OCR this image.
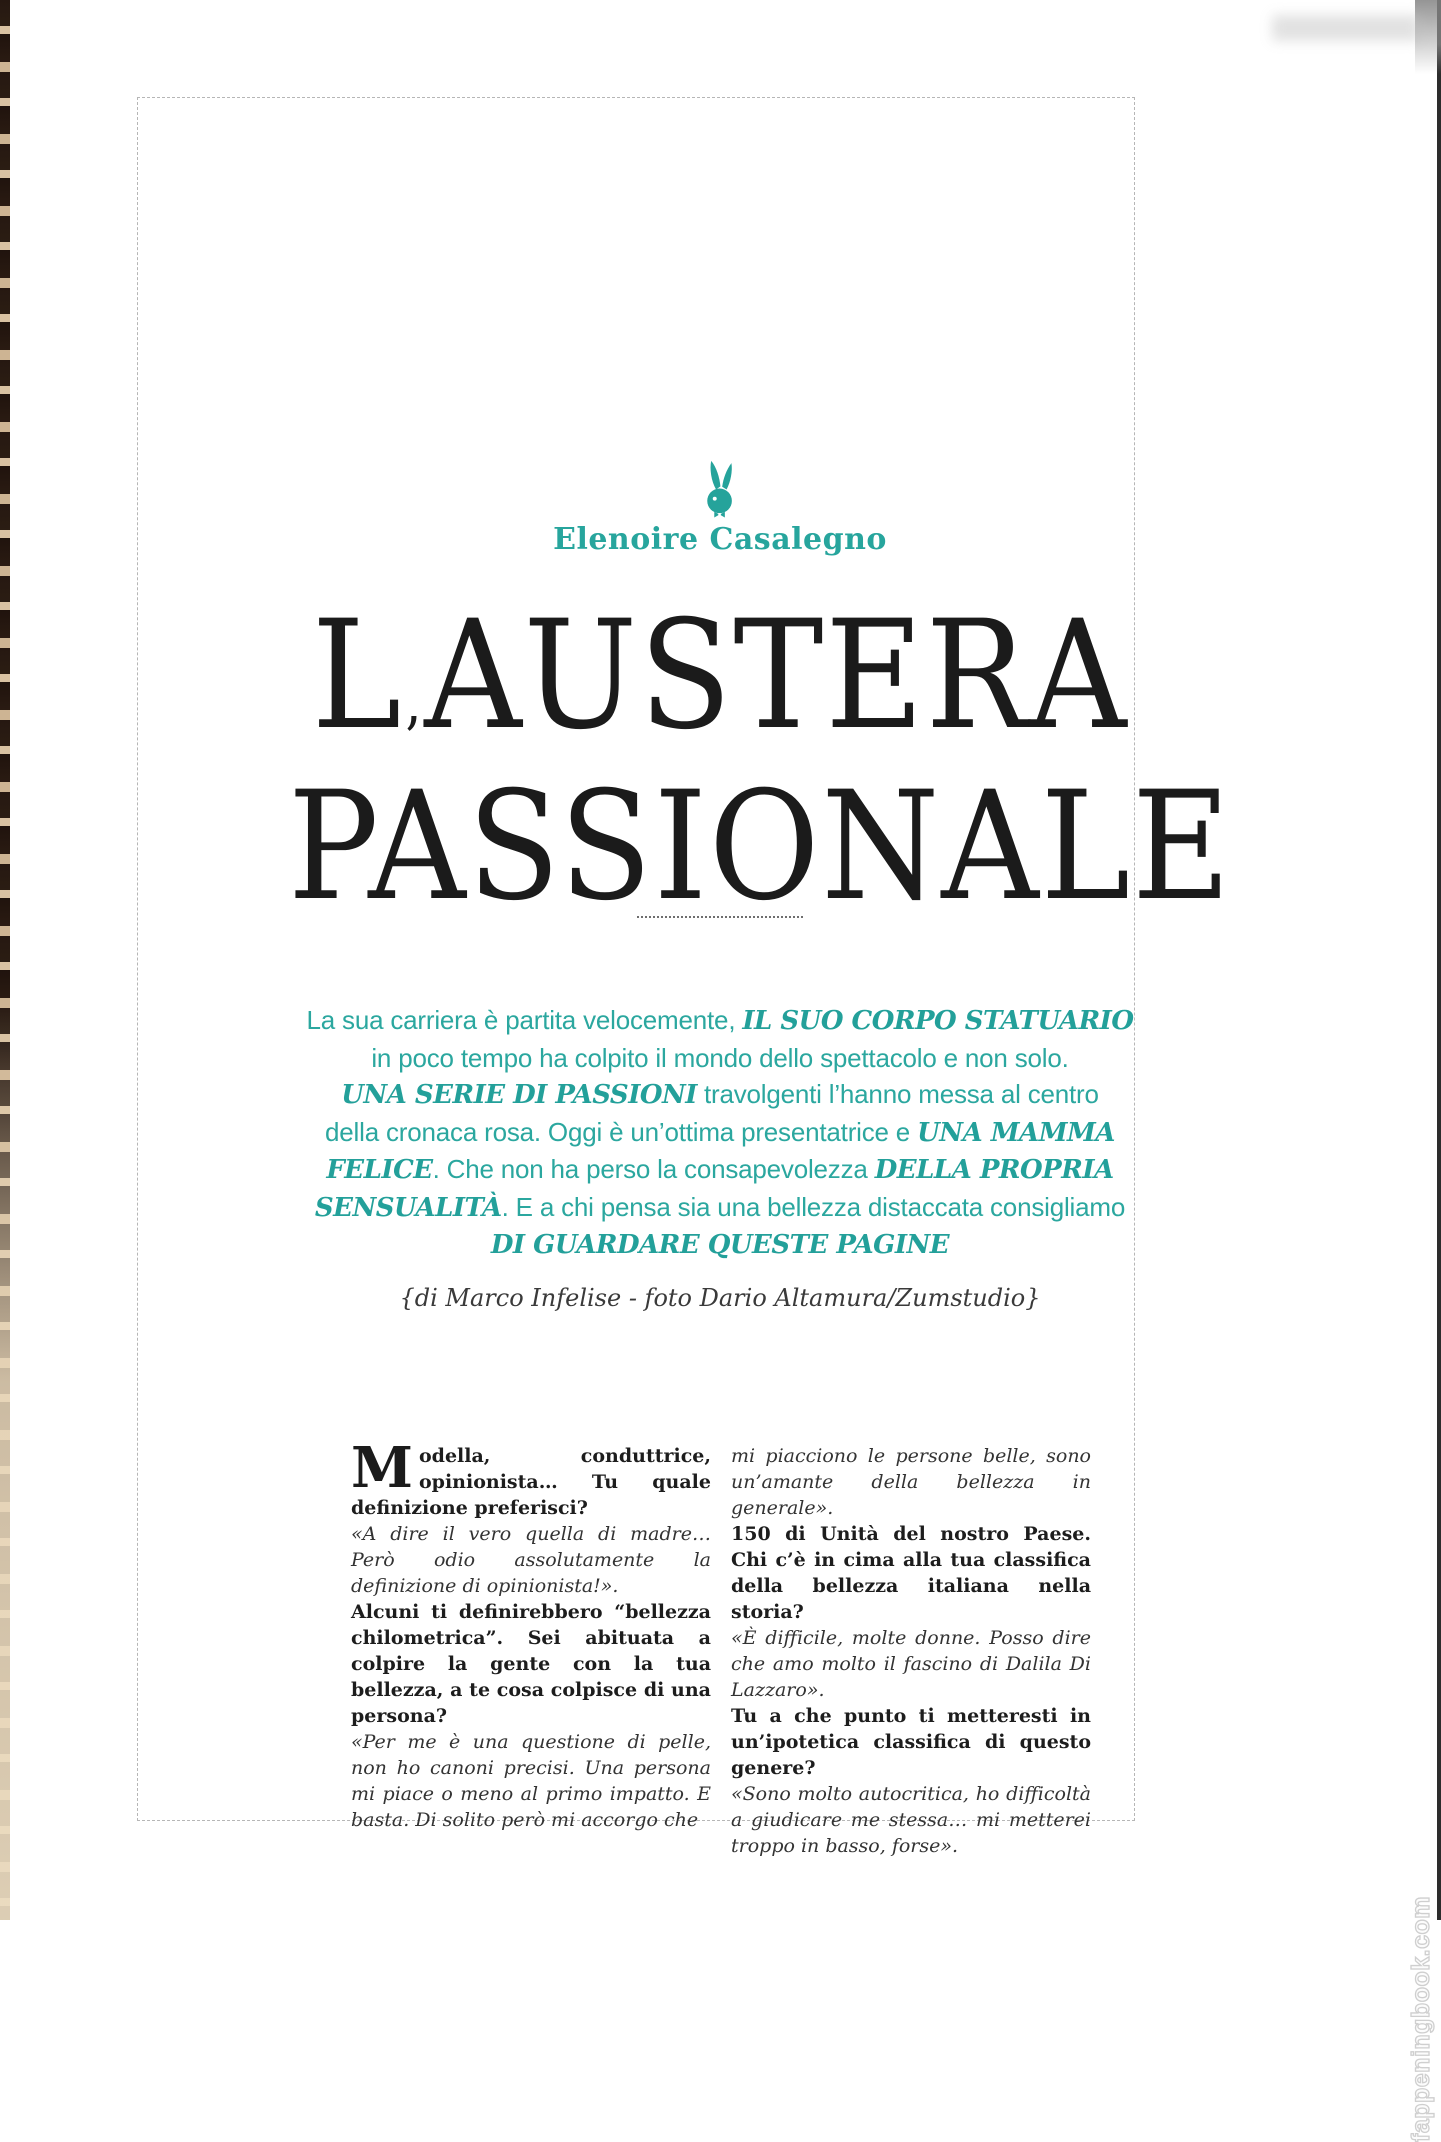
Elenoire Casalegno
L’AUSTERA
PASSIONALE
La sua carriera è partita velocemente, IL SUO CORPO STATUARIO
in poco tempo ha colpito il mondo dello spettacolo e non solo.
UNA SERIE DI PASSIONI travolgenti l’hanno messa al centro
della cronaca rosa. Oggi è un’ottima presentatrice e UNA MAMMA
FELICE. Che non ha perso la consapevolezza DELLA PROPRIA
SENSUALITÀ. E a chi pensa sia una bellezza distaccata consigliamo
DI GUARDARE QUESTE PAGINE
{di Marco Infelise - foto Dario Altamura/Zumstudio}

Modella, conduttrice, opinionista… Tu quale definizione preferisci?

«A dire il vero quella di madre… Però odio assolutamente la definizione di opinionista!».

Alcuni ti definirebbero “bellezza chilometrica”. Sei abituata a colpire la gente con la tua bellezza, a te cosa colpisce di una persona?

«Per me è una questione di pelle, non ho canoni precisi. Una persona mi piace o meno al primo impatto. E basta. Di solito però mi accorgo che

mi piacciono le persone belle, sono un’amante della bellezza in generale».

150 di Unità del nostro Paese. Chi c’è in cima alla tua classifica della bellezza italiana nella storia?

«È difficile, molte donne. Posso dire che amo molto il fascino di Dalila Di Lazzaro».

Tu a che punto ti metteresti in un’ipotetica classifica di questo genere?

«Sono molto autocritica, ho difficoltà a giudicare me stessa… mi metterei troppo in basso, forse».

fappeningbook.com
